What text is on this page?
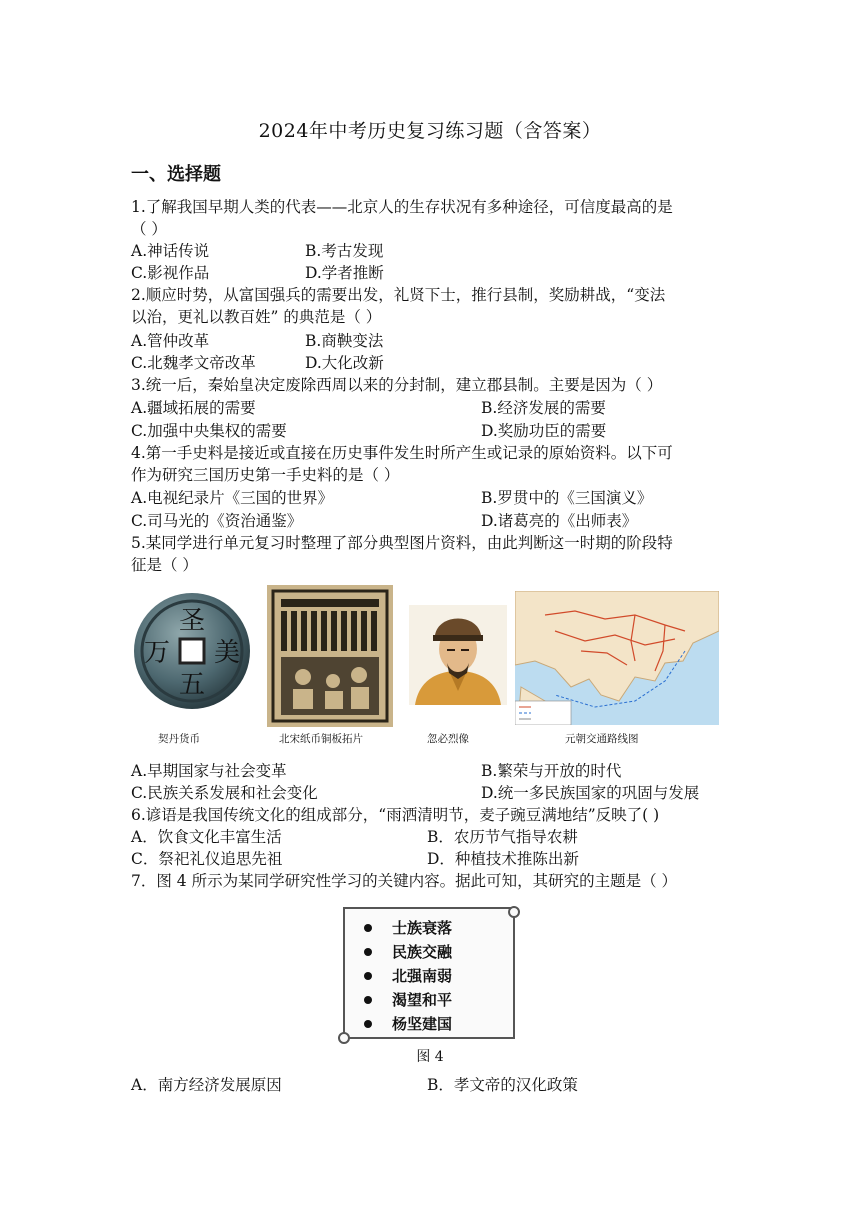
2024年中考历史复习练习题（含答案）
一、选择题
1.了解我国早期人类的代表——北京人的生存状况有多种途径，可信度最高的是
（ ）
A.神话传说	B.考古发现
C.影视作品	D.学者推断
2.顺应时势，从富国强兵的需要出发，礼贤下士，推行县制，奖励耕战，“变法
以治，更礼以教百姓” 的典范是（ ）
A.管仲改革	B.商鞅变法
C.北魏孝文帝改革	D.大化改新
3.统一后，秦始皇决定废除西周以来的分封制，建立郡县制。主要是因为（ ）
A.疆域拓展的需要	B.经济发展的需要
C.加强中央集权的需要	D.奖励功臣的需要
4.第一手史料是接近或直接在历史事件发生时所产生或记录的原始资料。以下可
作为研究三国历史第一手史料的是（ ）
A.电视纪录片《三国的世界》	B.罗贯中的《三国演义》
C.司马光的《资治通鉴》	D.诸葛亮的《出师表》
5.某同学进行单元复习时整理了部分典型图片资料，由此判断这一时期的阶段特
征是（ ）
圣
美
万
五
契丹货币	北宋纸币铜板拓片	忽必烈像	元朝交通路线图
A.早期国家与社会变革	B.繁荣与开放的时代
C.民族关系发展和社会变化	D.统一多民族国家的巩固与发展
6.谚语是我国传统文化的组成部分，“雨洒清明节，麦子豌豆满地结”反映了( )
A．饮食文化丰富生活	B．农历节气指导农耕
C．祭祀礼仪追思先祖	D．种植技术推陈出新
7．图 4 所示为某同学研究性学习的关键内容。据此可知，其研究的主题是（ ）
士族衰落
民族交融
北强南弱
渴望和平
杨坚建国
图 4
A．南方经济发展原因	B．孝文帝的汉化政策
